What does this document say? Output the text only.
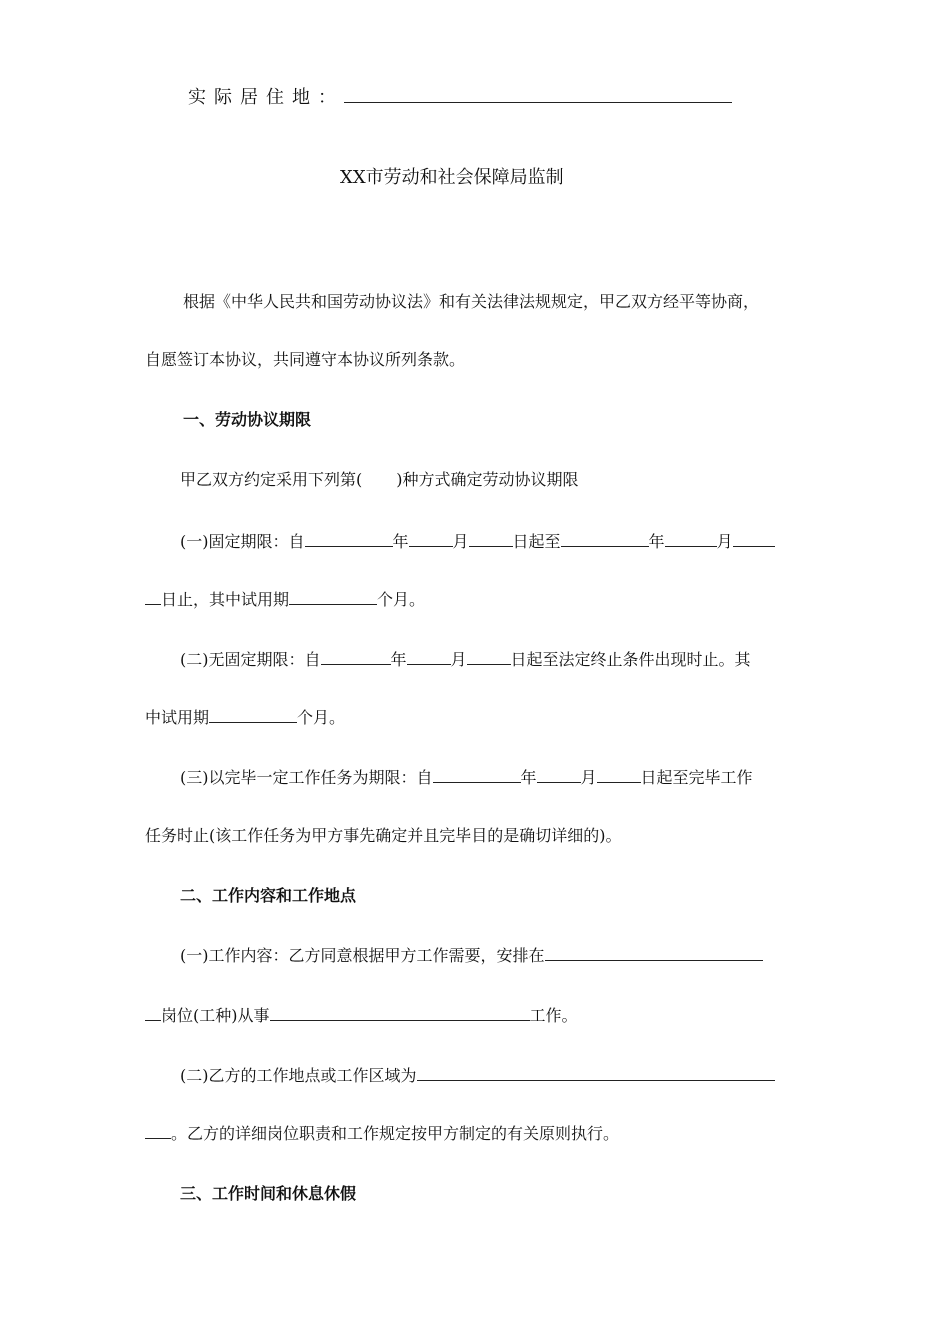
实际居住地：
XX市劳动和社会保障局监制
根据《中华人民共和国劳动协议法》和有关法律法规规定，甲乙双方经平等协商，
自愿签订本协议，共同遵守本协议所列条款。
一、劳动协议期限
甲乙双方约定采用下列第( )种方式确定劳动协议期限
(一)固定期限：自	年	月	日起至	年	月
日止，其中试用期	个月。
(二)无固定期限：自	年	月	日起至法定终止条件出现时止。其
中试用期	个月。
(三)以完毕一定工作任务为期限：自	年	月	日起至完毕工作
任务时止(该工作任务为甲方事先确定并且完毕目的是确切详细的)。
二、工作内容和工作地点
(一)工作内容：乙方同意根据甲方工作需要，安排在
岗位(工种)从事	工作。
(二)乙方的工作地点或工作区域为
。乙方的详细岗位职责和工作规定按甲方制定的有关原则执行。
三、工作时间和休息休假
